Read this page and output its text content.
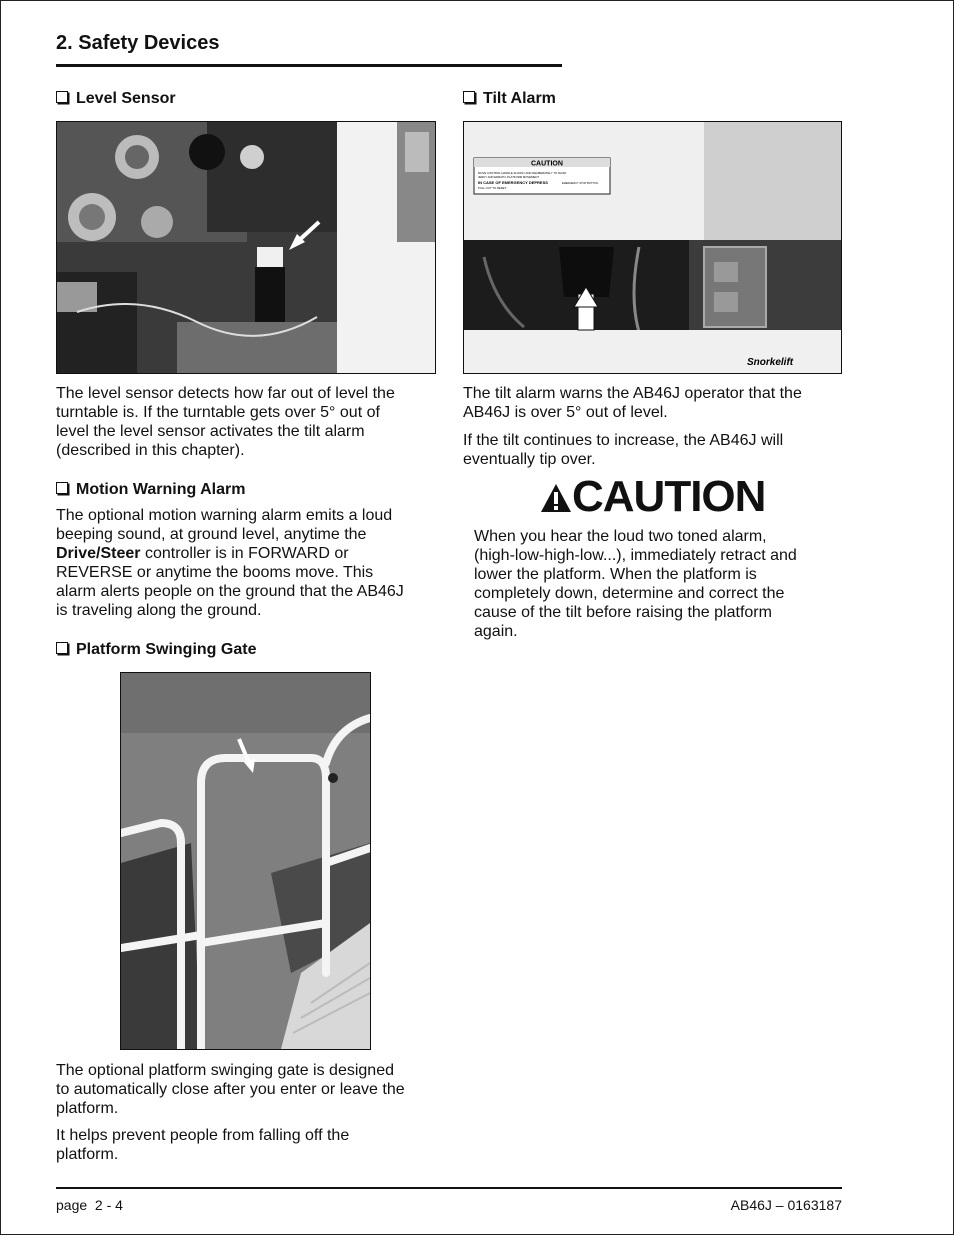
2. Safety Devices
Level Sensor
The level sensor detects how far out of level the
turntable is. If the turntable gets over 5° out of
level the level sensor activates the tilt alarm
(described in this chapter).
Motion Warning Alarm
The optional motion warning alarm emits a loud
beeping sound, at ground level, anytime the
Drive/Steer controller is in FORWARD or
REVERSE or anytime the booms move. This
alarm alerts people on the ground that the AB46J
is traveling along the ground.
Platform Swinging Gate
The optional platform swinging gate is designed
to automatically close after you enter or leave the
platform.
It helps prevent people from falling off the
platform.
Tilt Alarm
CAUTION
MOVE CONTROL HANDLE SLOWLY AND DELIBERATELY TO AVOID
JERKY AND ERRATIC PLATFORM MOVEMENT
IN CASE OF EMERGENCY DEPRESS	EMERGENCY STOP BUTTON.
PULL OUT TO RESET
Snorkelift
The tilt alarm warns the AB46J operator that the
AB46J is over 5° out of level.
If the tilt continues to increase, the AB46J will
eventually tip over.
CAUTION
When you hear the loud two toned alarm,
(high-low-high-low...), immediately retract and
lower the platform. When the platform is
completely down, determine and correct the
cause of the tilt before raising the platform
again.
page  2 - 4	AB46J – 0163187
